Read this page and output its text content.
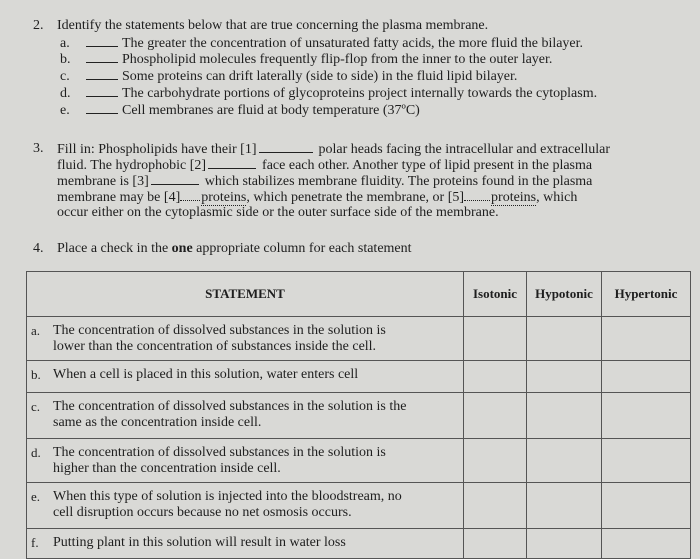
2. Identify the statements below that are true concerning the plasma membrane.
a.	The greater the concentration of unsaturated fatty acids, the more fluid the bilayer.
b.	Phospholipid molecules frequently flip-flop from the inner to the outer layer.
c.	Some proteins can drift laterally (side to side) in the fluid lipid bilayer.
d.	The carbohydrate portions of glycoproteins project internally towards the cytoplasm.
e.	Cell membranes are fluid at body temperature (37ºC)
3. Fill in: Phospholipids have their [1]	polar heads facing the intracellular and extracellular
fluid. The hydrophobic [2]	face each other. Another type of lipid present in the plasma
membrane is [3]	which stabilizes membrane fluidity. The proteins found in the plasma
membrane may be [4] proteins, which penetrate the membrane, or [5] proteins, which
occur either on the cytoplasmic side or the outer surface side of the membrane.
4. Place a check in the one appropriate column for each statement
STATEMENT	Isotonic	Hypotonic	Hypertonic

a. The concentration of dissolved substances in the solution is
lower than the concentration of substances inside the cell.			

b. When a cell is placed in this solution, water enters cell			

c. The concentration of dissolved substances in the solution is the
same as the concentration inside cell.			

d. The concentration of dissolved substances in the solution is
higher than the concentration inside cell.			

e. When this type of solution is injected into the bloodstream, no
cell disruption occurs because no net osmosis occurs.			

f. Putting plant in this solution will result in water loss			
